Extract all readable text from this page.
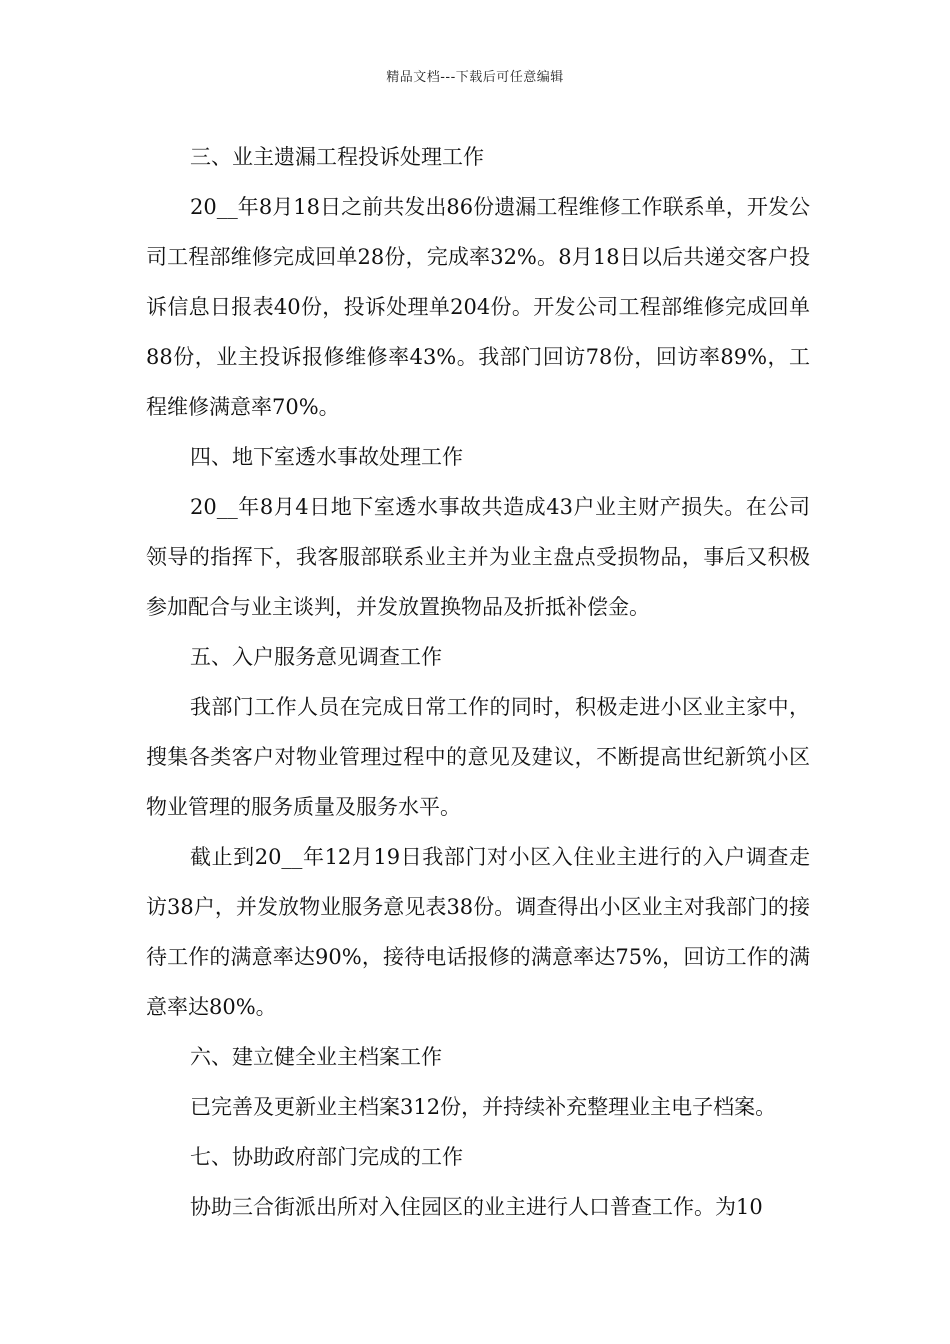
精品文档---下载后可任意编辑

三、业主遗漏工程投诉处理工作

20__年8月18日之前共发出86份遗漏工程维修工作联系单，开发公司工程部维修完成回单28份，完成率32%。8月18日以后共递交客户投诉信息日报表40份，投诉处理单204份。开发公司工程部维修完成回单88份，业主投诉报修维修率43%。我部门回访78份，回访率89%，工程维修满意率70%。

四、地下室透水事故处理工作

20__年8月4日地下室透水事故共造成43户业主财产损失。在公司领导的指挥下，我客服部联系业主并为业主盘点受损物品，事后又积极参加配合与业主谈判，并发放置换物品及折抵补偿金。

五、入户服务意见调查工作

我部门工作人员在完成日常工作的同时，积极走进小区业主家中，搜集各类客户对物业管理过程中的意见及建议，不断提高世纪新筑小区物业管理的服务质量及服务水平。

截止到20__年12月19日我部门对小区入住业主进行的入户调查走访38户，并发放物业服务意见表38份。调查得出小区业主对我部门的接待工作的满意率达90%，接待电话报修的满意率达75%，回访工作的满意率达80%。

六、建立健全业主档案工作

已完善及更新业主档案312份，并持续补充整理业主电子档案。

七、协助政府部门完成的工作

协助三合街派出所对入住园区的业主进行人口普查工作。为10
